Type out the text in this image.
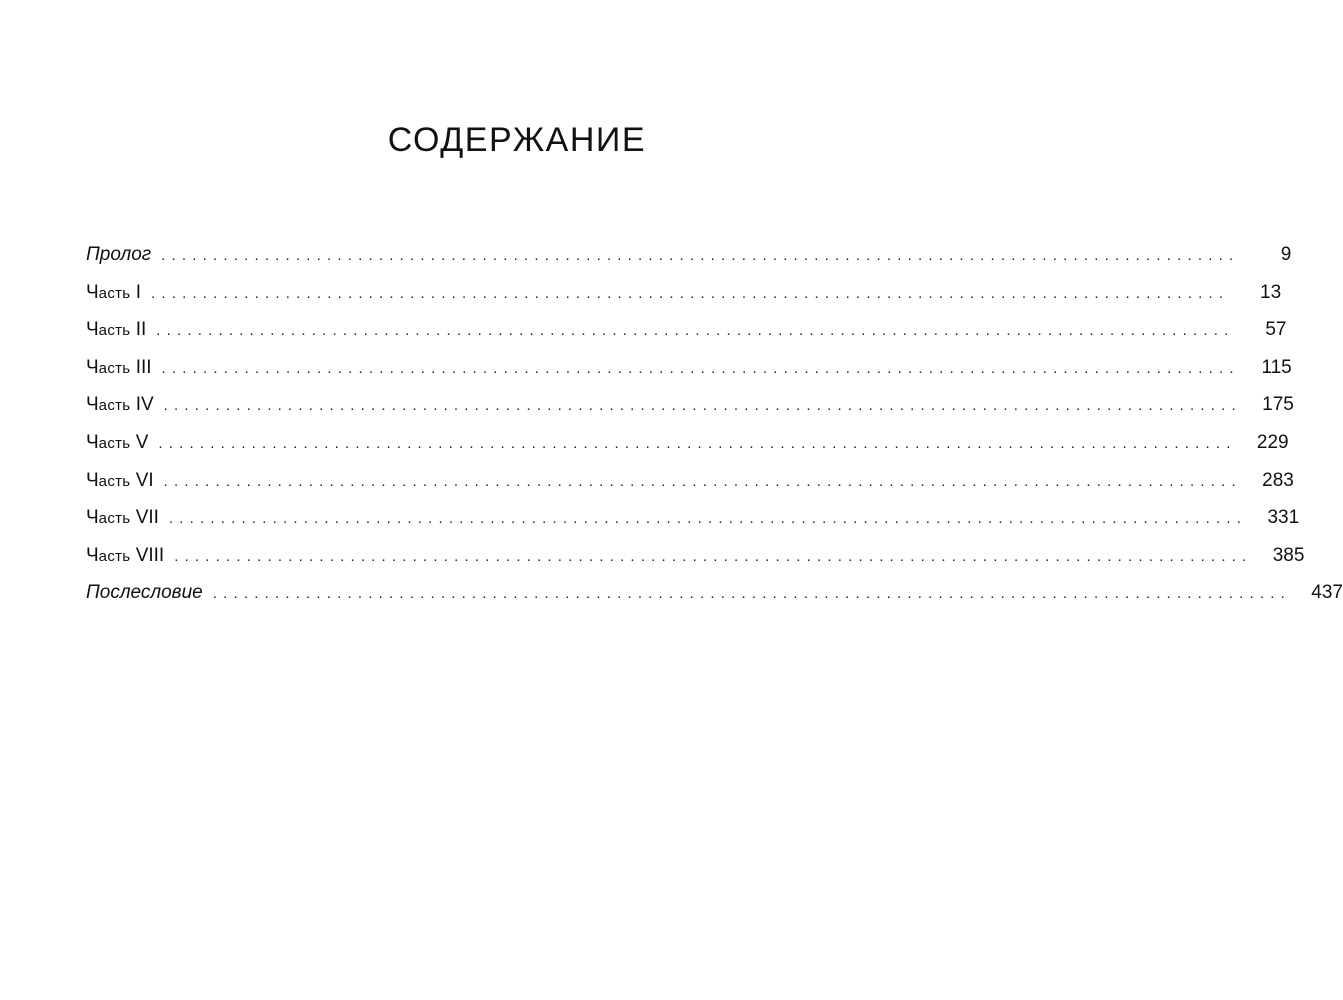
СОДЕРЖАНИЕ
Пролог ........................................................................................................	9
Часть I ........................................................................................................	13
Часть II ........................................................................................................	57
Часть III ........................................................................................................	115
Часть IV ........................................................................................................	175
Часть V ........................................................................................................	229
Часть VI ........................................................................................................	283
Часть VII ........................................................................................................	331
Часть VIII ........................................................................................................	385
Послесловие ........................................................................................................	437
